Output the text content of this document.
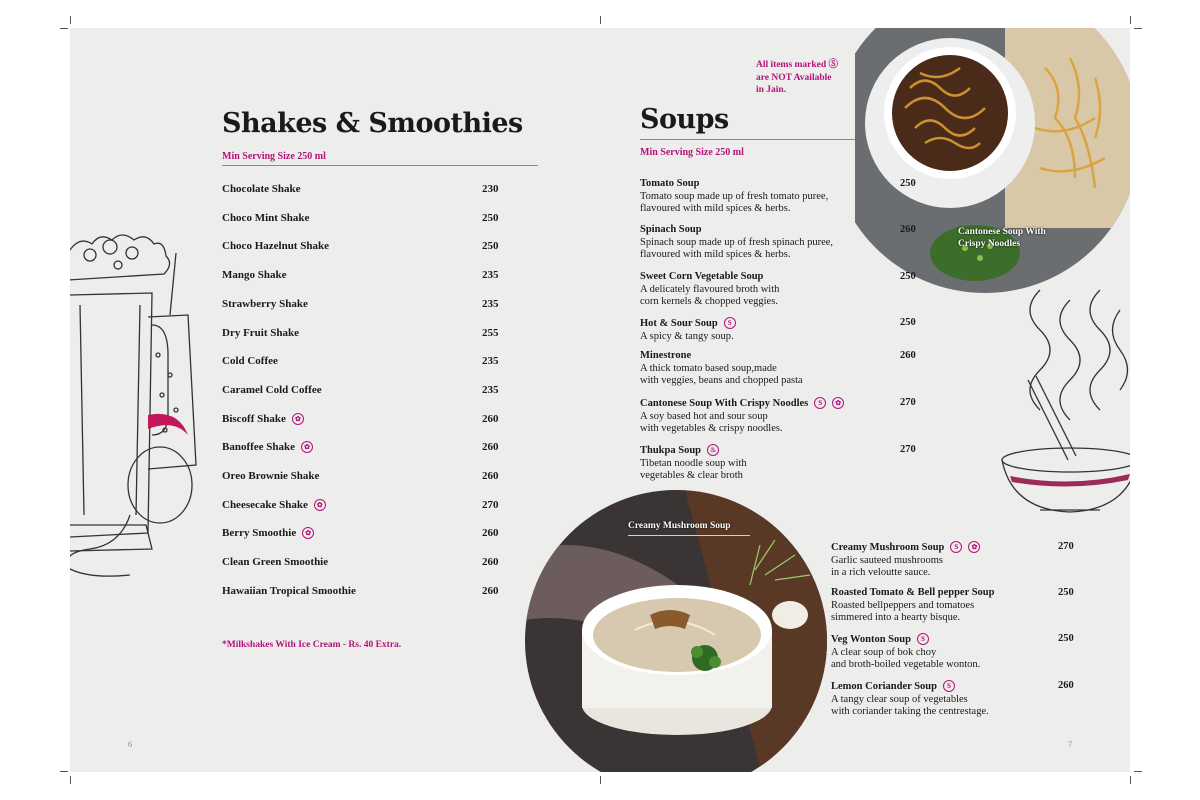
Shakes & Smoothies
Min Serving Size 250 ml
Chocolate Shake	230
Choco Mint Shake	250
Choco Hazelnut Shake	250
Mango Shake	235
Strawberry Shake	235
Dry Fruit Shake	255
Cold Coffee	235
Caramel Cold Coffee	235
Biscoff Shake ✿	260
Banoffee Shake ✿	260
Oreo Brownie Shake	260
Cheesecake Shake ✿	270
Berry Smoothie ✿	260
Clean Green Smoothie	260
Hawaiian Tropical Smoothie	260
*Milkshakes With Ice Cream - Rs. 40 Extra.
6
Soups
Min Serving Size 250 ml
All items marked Ⓢ
are NOT Available
in Jain.
Cantonese Soup With
Crispy Noodles
Creamy Mushroom Soup
Tomato Soup
Tomato soup made up of fresh tomato puree,
flavoured with mild spices & herbs.
250
Spinach Soup
Spinach soup made up of fresh spinach puree,
flavoured with mild spices & herbs.
260
Sweet Corn Vegetable Soup
A delicately flavoured broth with
corn kernels & chopped veggies.
250
Hot & Sour Soup S
A spicy & tangy soup.
250
Minestrone
A thick tomato based soup,made
with veggies, beans and chopped pasta
260
Cantonese Soup With Crispy Noodles S ✿
A soy based hot and sour soup
with vegetables & crispy noodles.
270
Thukpa Soup ♨
Tibetan noodle soup with
vegetables & clear broth
270
Creamy Mushroom Soup S ✿
Garlic sauteed mushrooms
in a rich veloutte sauce.
270
Roasted Tomato & Bell pepper Soup
Roasted bellpeppers and tomatoes
simmered into a hearty bisque.
250
Veg Wonton Soup S
A clear soup of bok choy
and broth-boiled vegetable wonton.
250
Lemon Coriander Soup S
A tangy clear soup of vegetables
with coriander taking the centrestage.
260
7
